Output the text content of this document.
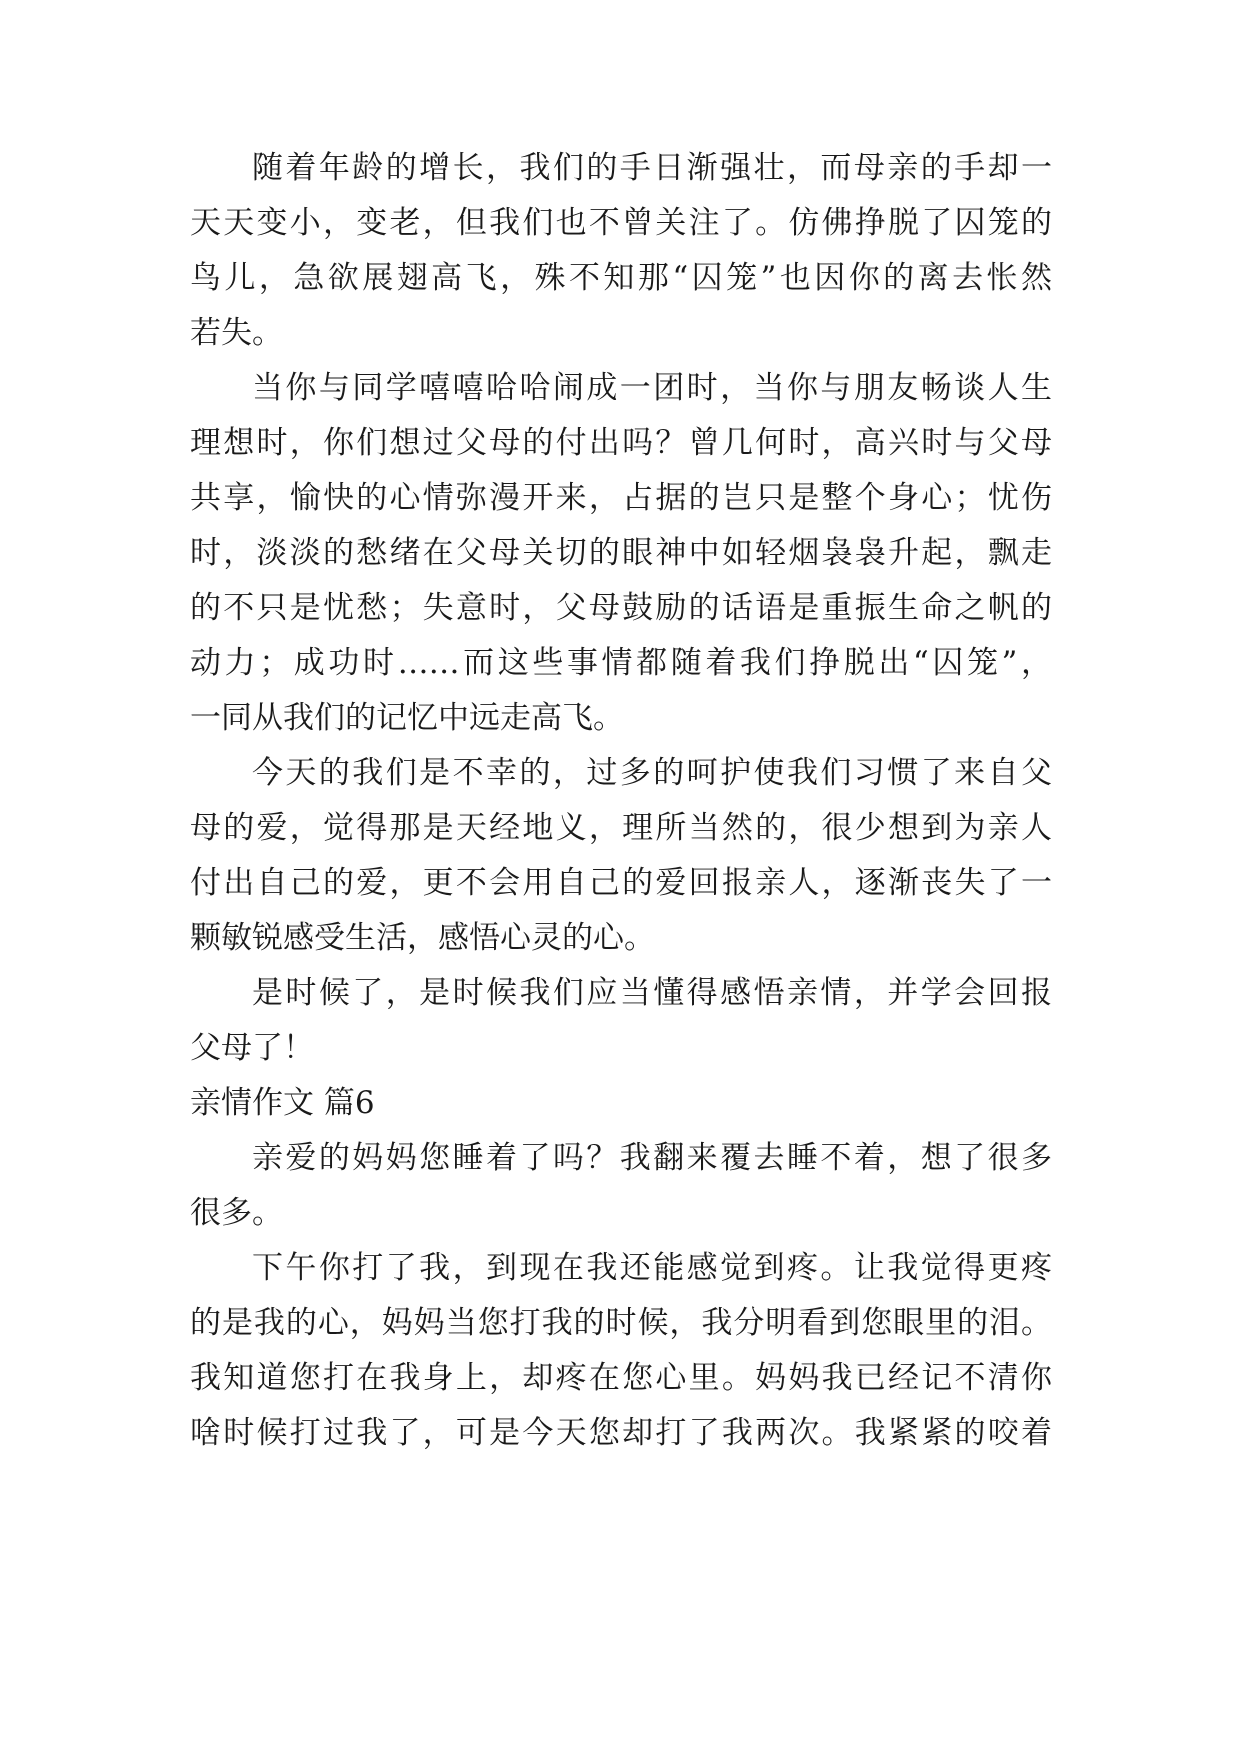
随着年龄的增长，我们的手日渐强壮，而母亲的手却一
天天变小，变老，但我们也不曾关注了。仿佛挣脱了囚笼的
鸟儿，急欲展翅高飞，殊不知那“囚笼”也因你的离去怅然
若失。
当你与同学嘻嘻哈哈闹成一团时，当你与朋友畅谈人生
理想时，你们想过父母的付出吗？曾几何时，高兴时与父母
共享，愉快的心情弥漫开来，占据的岂只是整个身心；忧伤
时，淡淡的愁绪在父母关切的眼神中如轻烟袅袅升起，飘走
的不只是忧愁；失意时，父母鼓励的话语是重振生命之帆的
动力；成功时……而这些事情都随着我们挣脱出“囚笼”，
一同从我们的记忆中远走高飞。
今天的我们是不幸的，过多的呵护使我们习惯了来自父
母的爱，觉得那是天经地义，理所当然的，很少想到为亲人
付出自己的爱，更不会用自己的爱回报亲人，逐渐丧失了一
颗敏锐感受生活，感悟心灵的心。
是时候了，是时候我们应当懂得感悟亲情，并学会回报
父母了！
亲情作文 篇6
亲爱的妈妈您睡着了吗？我翻来覆去睡不着，想了很多
很多。
下午你打了我，到现在我还能感觉到疼。让我觉得更疼
的是我的心，妈妈当您打我的时候，我分明看到您眼里的泪。
我知道您打在我身上，却疼在您心里。妈妈我已经记不清你
啥时候打过我了，可是今天您却打了我两次。我紧紧的咬着
